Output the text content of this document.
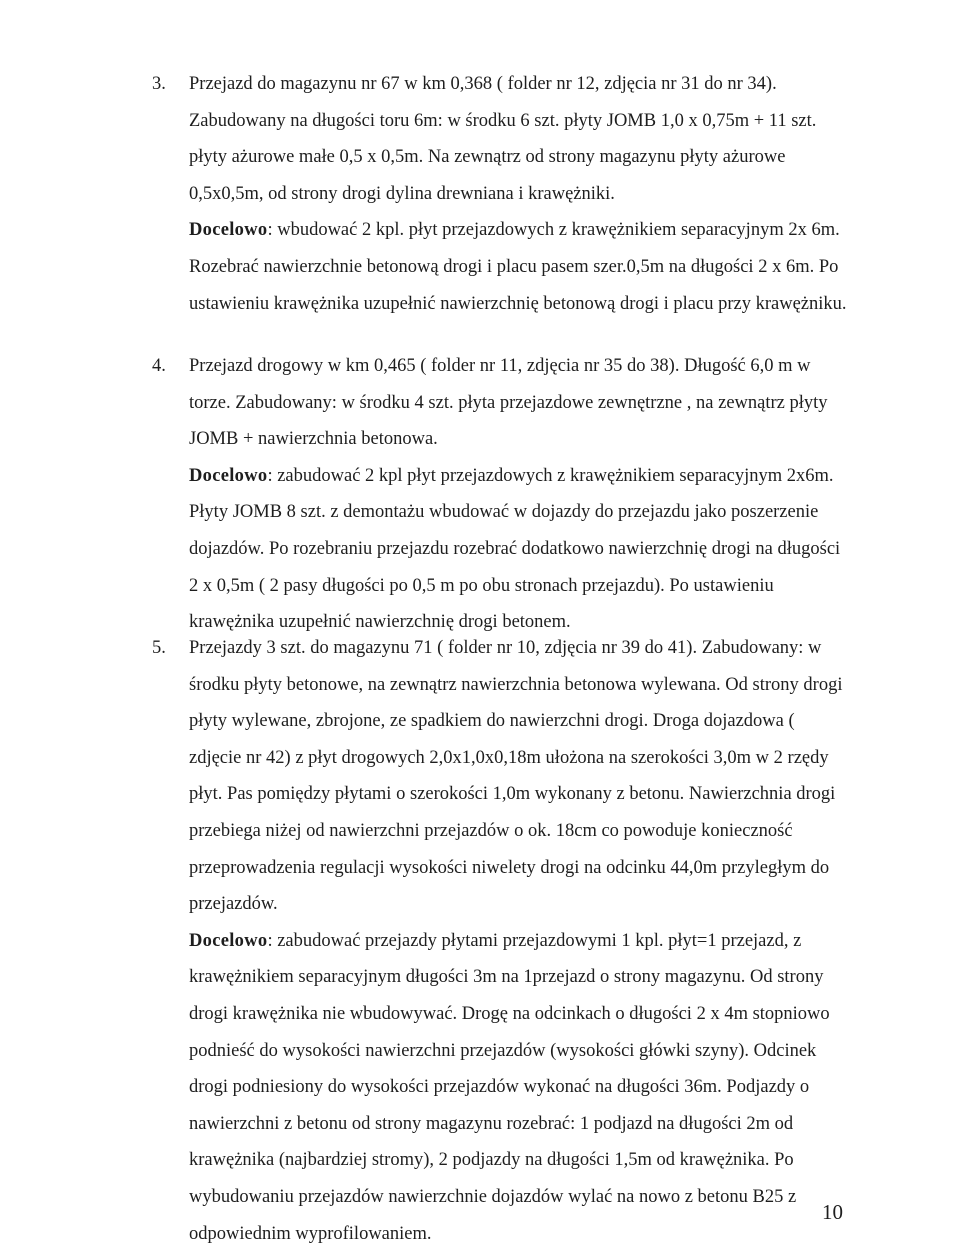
3. Przejazd do magazynu nr 67 w km 0,368 ( folder nr 12, zdjęcia nr 31 do nr 34). Zabudowany na długości toru 6m: w środku 6 szt. płyty JOMB 1,0 x 0,75m + 11 szt. płyty ażurowe małe 0,5 x 0,5m. Na zewnątrz od strony magazynu płyty ażurowe 0,5x0,5m, od strony drogi dylina drewniana i krawężniki.

Docelowo: wbudować 2 kpl. płyt przejazdowych z krawężnikiem separacyjnym 2x 6m. Rozebrać nawierzchnie betonową drogi i placu pasem szer.0,5m na długości 2 x 6m. Po ustawieniu krawężnika uzupełnić nawierzchnię betonową drogi i placu przy krawężniku.

4. Przejazd drogowy w km 0,465 ( folder nr 11, zdjęcia nr 35 do 38). Długość 6,0 m w torze. Zabudowany: w środku 4 szt. płyta przejazdowe zewnętrzne , na zewnątrz płyty JOMB + nawierzchnia betonowa.

Docelowo: zabudować 2 kpl płyt przejazdowych z krawężnikiem separacyjnym 2x6m. Płyty JOMB 8 szt. z demontażu wbudować w dojazdy do przejazdu jako poszerzenie dojazdów. Po rozebraniu przejazdu rozebrać dodatkowo nawierzchnię drogi na długości 2 x 0,5m ( 2 pasy długości po 0,5 m po obu stronach przejazdu). Po ustawieniu krawężnika uzupełnić nawierzchnię drogi betonem.

5. Przejazdy 3 szt. do magazynu 71 ( folder nr 10, zdjęcia nr 39 do 41). Zabudowany: w środku płyty betonowe, na zewnątrz nawierzchnia betonowa wylewana. Od strony drogi płyty wylewane, zbrojone, ze spadkiem do nawierzchni drogi. Droga dojazdowa ( zdjęcie nr 42) z płyt drogowych 2,0x1,0x0,18m ułożona na szerokości 3,0m w 2 rzędy płyt. Pas pomiędzy płytami o szerokości 1,0m wykonany z betonu. Nawierzchnia drogi przebiega niżej od nawierzchni przejazdów o ok. 18cm co powoduje konieczność przeprowadzenia regulacji wysokości niwelety drogi na odcinku 44,0m przyległym do przejazdów.

Docelowo: zabudować przejazdy płytami przejazdowymi 1 kpl. płyt=1 przejazd, z krawężnikiem separacyjnym długości 3m na 1przejazd o strony magazynu. Od strony drogi krawężnika nie wbudowywać. Drogę na odcinkach o długości 2 x 4m stopniowo podnieść do wysokości nawierzchni przejazdów (wysokości główki szyny). Odcinek drogi podniesiony do wysokości przejazdów wykonać na długości 36m. Podjazdy o nawierzchni z betonu od strony magazynu rozebrać: 1 podjazd na długości 2m od krawężnika (najbardziej stromy), 2 podjazdy na długości 1,5m od krawężnika. Po wybudowaniu przejazdów nawierzchnie dojazdów wylać na nowo z betonu B25 z odpowiednim wyprofilowaniem.

10
